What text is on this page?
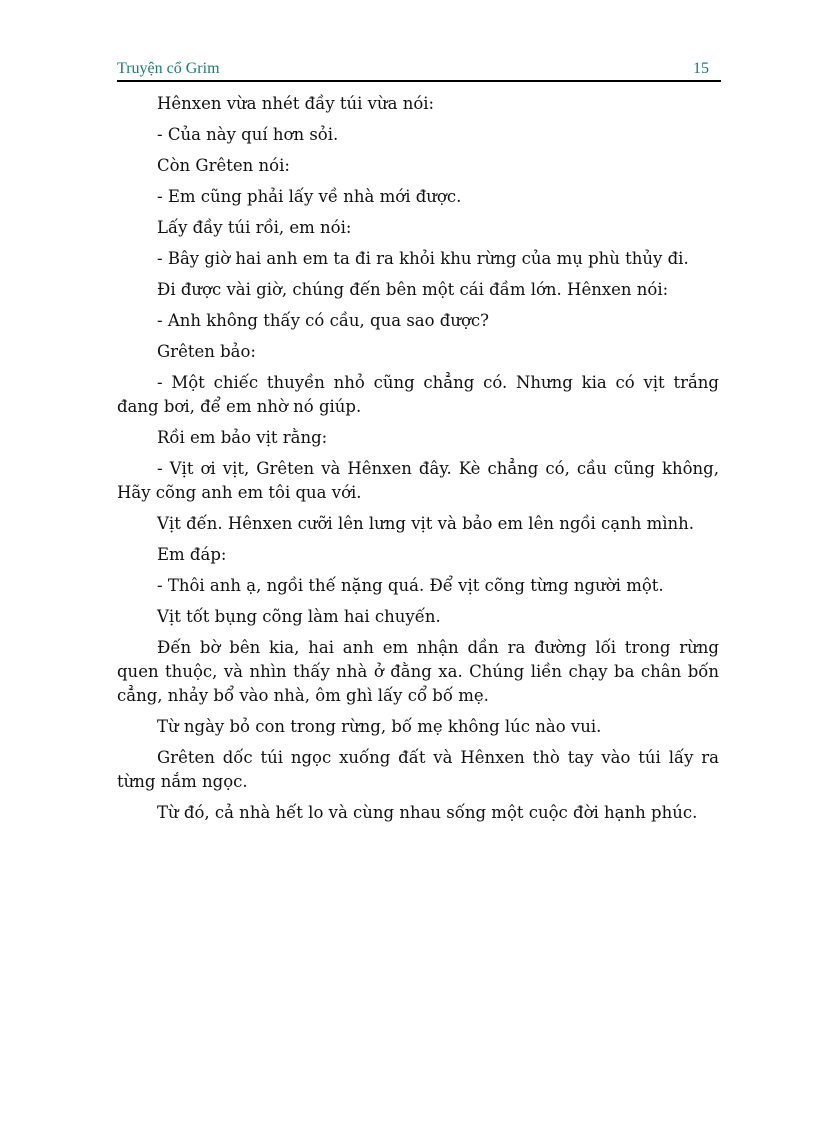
Truyện cổ Grim	15

Hênxen vừa nhét đầy túi vừa nói:

- Của này quí hơn sỏi.

Còn Grêten nói:

- Em cũng phải lấy về nhà mới được.

Lấy đầy túi rồi, em nói:

- Bây giờ hai anh em ta đi ra khỏi khu rừng của mụ phù thủy đi.

Đi được vài giờ, chúng đến bên một cái đầm lớn. Hênxen nói:

- Anh không thấy có cầu, qua sao được?

Grêten bảo:

- Một chiếc thuyền nhỏ cũng chẳng có. Nhưng kia có vịt trắng đang bơi, để em nhờ nó giúp.

Rồi em bảo vịt rằng:

- Vịt ơi vịt, Grêten và Hênxen đây. Kè chẳng có, cầu cũng không, Hãy cõng anh em tôi qua với.

Vịt đến. Hênxen cưỡi lên lưng vịt và bảo em lên ngồi cạnh mình.

Em đáp:

- Thôi anh ạ, ngồi thế nặng quá. Để vịt cõng từng người một.

Vịt tốt bụng cõng làm hai chuyến.

Đến bờ bên kia, hai anh em nhận dần ra đường lối trong rừng quen thuộc, và nhìn thấy nhà ở đằng xa. Chúng liền chạy ba chân bốn cẳng, nhảy bổ vào nhà, ôm ghì lấy cổ bố mẹ.

Từ ngày bỏ con trong rừng, bố mẹ không lúc nào vui.

Grêten dốc túi ngọc xuống đất và Hênxen thò tay vào túi lấy ra từng nắm ngọc.

Từ đó, cả nhà hết lo và cùng nhau sống một cuộc đời hạnh phúc.
